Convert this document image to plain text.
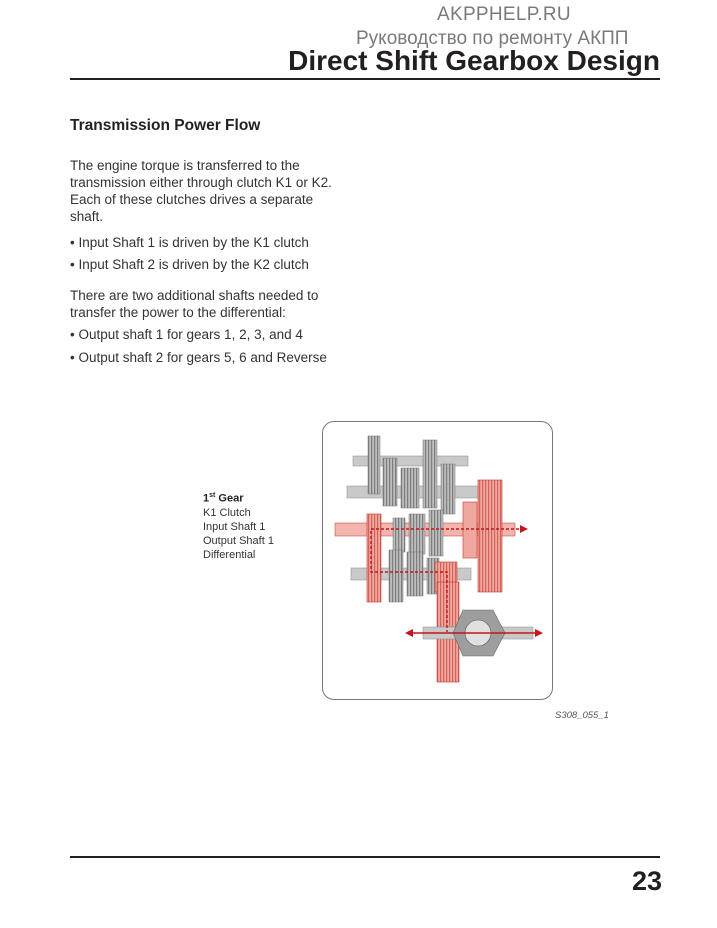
AKPPHELP.RU
Руководство по ремонту АКПП
Direct Shift Gearbox Design
Transmission Power Flow
The engine torque is transferred to the
transmission either through clutch K1 or K2.
Each of these clutches drives a separate
shaft.
• Input Shaft 1 is driven by the K1 clutch
• Input Shaft 2 is driven by the K2 clutch
There are two additional shafts needed to
transfer the power to the differential:
• Output shaft 1 for gears 1, 2, 3, and 4
• Output shaft 2 for gears 5, 6 and Reverse
1st Gear
K1 Clutch
Input Shaft 1
Output Shaft 1
Differential
S308_055_1
23
